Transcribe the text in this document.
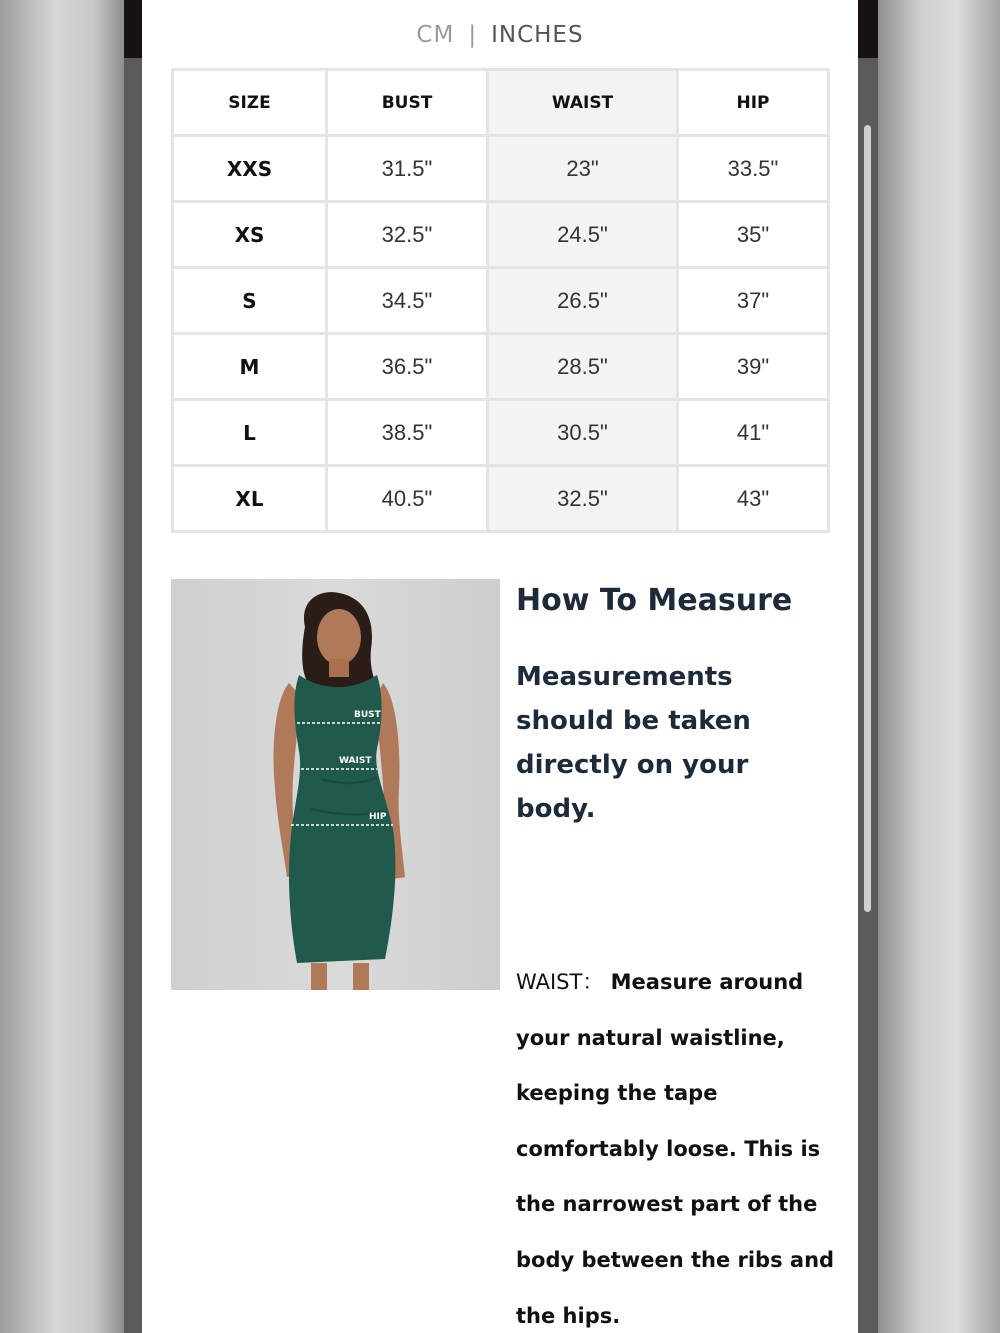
CM | INCHES
SIZE	BUST	WAIST	HIP
XXS	31.5"	23"	33.5"
XS	32.5"	24.5"	35"
S	34.5"	26.5"	37"
M	36.5"	28.5"	39"
L	38.5"	30.5"	41"
XL	40.5"	32.5"	43"
BUST
WAIST
HIP
How To Measure
Measurements should be taken directly on your body.
WAIST： Measure around your natural waistline, keeping the tape comfortably loose. This is the narrowest part of the body between the ribs and the hips.
